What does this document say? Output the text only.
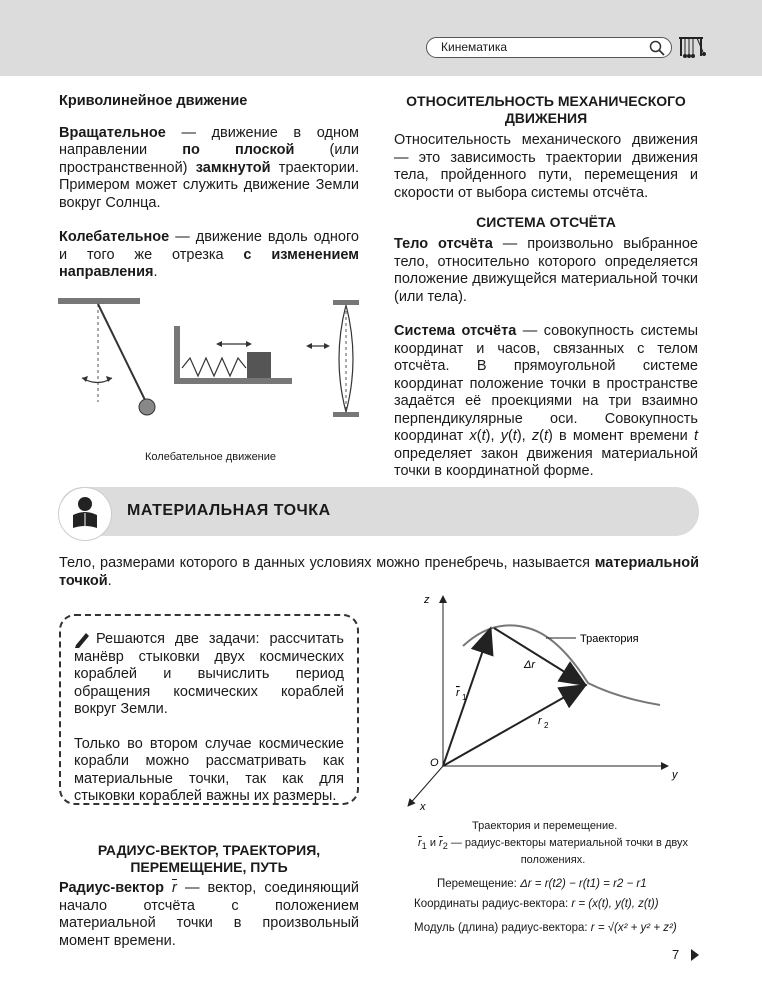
Кинематика

Криволинейное движение

Вращательное — движение в одном направлении по плоской (или пространственной) замкнутой траектории. Примером может служить движение Земли вокруг Солнца.

Колебательное — движение вдоль одного и того же отрезка с изменением направления.

Колебательное движение

ОТНОСИТЕЛЬНОСТЬ МЕХАНИЧЕСКОГО ДВИЖЕНИЯ

Относительность механического движения — это зависимость траектории движения тела, пройденного пути, перемещения и скорости от выбора системы отсчёта.

СИСТЕМА ОТСЧЁТА

Тело отсчёта — произвольно выбранное тело, относительно которого определяется положение движущейся материальной точки (или тела).

Система отсчёта — совокупность системы координат и часов, связанных с телом отсчёта. В прямоугольной системе координат положение точки в пространстве задаётся её проекциями на три взаимно перпендикулярные оси. Совокупность координат x(t), y(t), z(t) в момент времени t определяет закон движения материальной точки в координатной форме.

МАТЕРИАЛЬНАЯ ТОЧКА

Тело, размерами которого в данных условиях можно пренебречь, называется материальной точкой.

Решаются две задачи: рассчитать манёвр стыковки двух космических кораблей и вычислить период обращения космических кораблей вокруг Земли.

Только во втором случае космические корабли можно рассматривать как материальные точки, так как для стыковки кораблей важны их размеры.

РАДИУС-ВЕКТОР, ТРАЕКТОРИЯ, ПЕРЕМЕЩЕНИЕ, ПУТЬ

Радиус-вектор $\overline{r}$ — вектор, соединяющий начало отсчёта с положением материальной точки в произвольный момент времени.

z
y
x
O
Траектория
Δr
r 1
r 2
Траектория и перемещение.
$\overline{r}_1$ и $\overline{r}_2$ — радиус-векторы материальной точки в двух положениях.
Перемещение: Δr = r(t2) − r(t1) = r2 − r1
Координаты радиус-вектора: r = (x(t), y(t), z(t))
Модуль (длина) радиус-вектора: r = √(x² + y² + z²)
7
